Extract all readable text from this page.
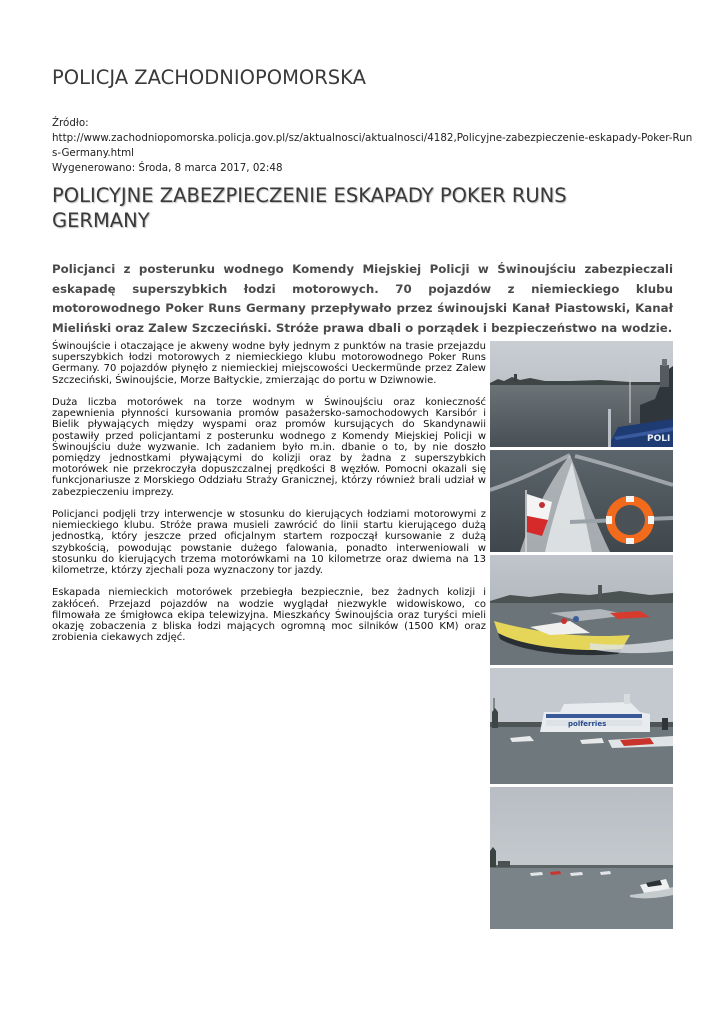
POLICJA ZACHODNIOPOMORSKA
Źródło:
http://www.zachodniopomorska.policja.gov.pl/sz/aktualnosci/aktualnosci/4182,Policyjne-zabezpieczenie-eskapady-Poker-Run
s-Germany.html
Wygenerowano: Środa, 8 marca 2017, 02:48
POLICYJNE ZABEZPIECZENIE ESKAPADY POKER RUNS GERMANY

Policjanci z posterunku wodnego Komendy Miejskiej Policji w Świnoujściu zabezpieczali eskapadę superszybkich łodzi motorowych. 70 pojazdów z niemieckiego klubu motorowodnego Poker Runs Germany przepływało przez świnoujski Kanał Piastowski, Kanał Mieliński oraz Zalew Szczeciński. Stróże prawa dbali o porządek i bezpieczeństwo na wodzie.

Świnoujście i otaczające je akweny wodne były jednym z punktów na trasie przejazdu superszybkich łodzi motorowych z niemieckiego klubu motorowodnego Poker Runs Germany. 70 pojazdów płynęło z niemieckiej miejscowości Ueckermünde przez Zalew Szczeciński, Świnoujście, Morze Bałtyckie, zmierzając do portu w Dziwnowie.

Duża liczba motorówek na torze wodnym w Świnoujściu oraz konieczność zapewnienia płynności kursowania promów pasażersko-samochodowych Karsibór i Bielik pływających między wyspami oraz promów kursujących do Skandynawii postawiły przed policjantami z posterunku wodnego z Komendy Miejskiej Policji w Świnoujściu duże wyzwanie. Ich zadaniem było m.in. dbanie o to, by nie doszło pomiędzy jednostkami pływającymi do kolizji oraz by żadna z superszybkich motorówek nie przekroczyła dopuszczalnej prędkości 8 węzłów. Pomocni okazali się funkcjonariusze z Morskiego Oddziału Straży Granicznej, którzy również brali udział w zabezpieczeniu imprezy.

Policjanci podjęli trzy interwencje w stosunku do kierujących łodziami motorowymi z niemieckiego klubu. Stróże prawa musieli zawrócić do linii startu kierującego dużą jednostką, który jeszcze przed oficjalnym startem rozpoczął kursowanie z dużą szybkością, powodując powstanie dużego falowania, ponadto interweniowali w stosunku do kierujących trzema motorówkami na 10 kilometrze oraz dwiema na 13 kilometrze, którzy zjechali poza wyznaczony tor jazdy.

Eskapada niemieckich motorówek przebiegła bezpiecznie, bez żadnych kolizji i zakłóceń. Przejazd pojazdów na wodzie wyglądał niezwykle widowiskowo, co filmowała ze śmigłowca ekipa telewizyjna. Mieszkańcy Świnoujścia oraz turyści mieli okazję zobaczenia z bliska łodzi mających ogromną moc silników (1500 KM) oraz zrobienia ciekawych zdjęć.

POLI
polferries
